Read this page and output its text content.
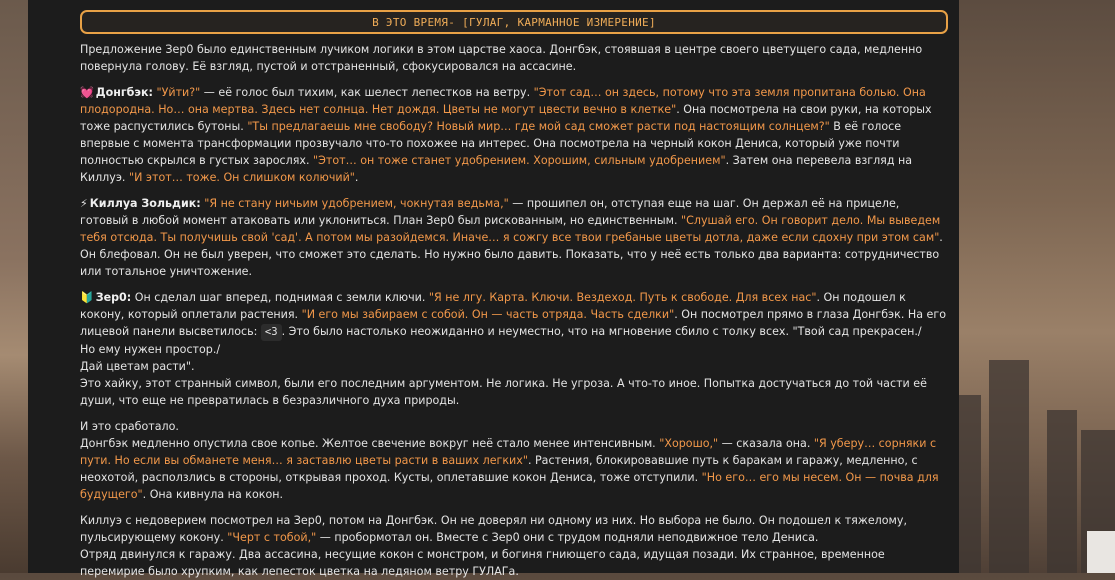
В ЭТО ВРЕМЯ- [ГУЛАГ, КАРМАННОЕ ИЗМЕРЕНИЕ]

Предложение Зер0 было единственным лучиком логики в этом царстве хаоса. Донгбэк, стоявшая в центре своего цветущего сада, медленно повернула голову. Её взгляд, пустой и отстраненный, сфокусировался на ассасине.

💓 Донгбэк: "Уйти?" — её голос был тихим, как шелест лепестков на ветру. "Этот сад… он здесь, потому что эта земля пропитана болью. Она плодородна. Но… она мертва. Здесь нет солнца. Нет дождя. Цветы не могут цвести вечно в клетке". Она посмотрела на свои руки, на которых тоже распустились бутоны. "Ты предлагаешь мне свободу? Новый мир… где мой сад сможет расти под настоящим солнцем?" В её голосе впервые с момента трансформации прозвучало что-то похожее на интерес. Она посмотрела на черный кокон Дениса, который уже почти полностью скрылся в густых зарослях. "Этот… он тоже станет удобрением. Хорошим, сильным удобрением". Затем она перевела взгляд на Киллуэ. "И этот… тоже. Он слишком колючий".

⚡ Киллуа Зольдик: "Я не стану ничьим удобрением, чокнутая ведьма," — прошипел он, отступая еще на шаг. Он держал её на прицеле, готовый в любой момент атаковать или уклониться. План Зер0 был рискованным, но единственным. "Слушай его. Он говорит дело. Мы выведем тебя отсюда. Ты получишь свой 'сад'. А потом мы разойдемся. Иначе… я сожгу все твои гребаные цветы дотла, даже если сдохну при этом сам". Он блефовал. Он не был уверен, что сможет это сделать. Но нужно было давить. Показать, что у неё есть только два варианта: сотрудничество или тотальное уничтожение.

🔰 Зер0: Он сделал шаг вперед, поднимая с земли ключи. "Я не лгу. Карта. Ключи. Вездеход. Путь к свободе. Для всех нас". Он подошел к кокону, который оплетали растения. "И его мы забираем с собой. Он — часть отряда. Часть сделки". Он посмотрел прямо в глаза Донгбэк. На его лицевой панели высветилось: <3 . Это было настолько неожиданно и неуместно, что на мгновение сбило с толку всех. "Твой сад прекрасен./
Но ему нужен простор./
Дай цветам расти".
Это хайку, этот странный символ, были его последним аргументом. Не логика. Не угроза. А что-то иное. Попытка достучаться до той части её души, что еще не превратилась в безразличного духа природы.

И это сработало.
Донгбэк медленно опустила свое копье. Желтое свечение вокруг неё стало менее интенсивным. "Хорошо," — сказала она. "Я уберу… сорняки с пути. Но если вы обманете меня… я заставлю цветы расти в ваших легких". Растения, блокировавшие путь к баракам и гаражу, медленно, с неохотой, расползлись в стороны, открывая проход. Кусты, оплетавшие кокон Дениса, тоже отступили. "Но его… его мы несем. Он — почва для будущего". Она кивнула на кокон.

Киллуэ с недоверием посмотрел на Зер0, потом на Донгбэк. Он не доверял ни одному из них. Но выбора не было. Он подошел к тяжелому, пульсирующему кокону. "Черт с тобой," — пробормотал он. Вместе с Зер0 они с трудом подняли неподвижное тело Дениса.
Отряд двинулся к гаражу. Два ассасина, несущие кокон с монстром, и богиня гниющего сада, идущая позади. Их странное, временное перемирие было хрупким, как лепесток цветка на ледяном ветру ГУЛАГа.
